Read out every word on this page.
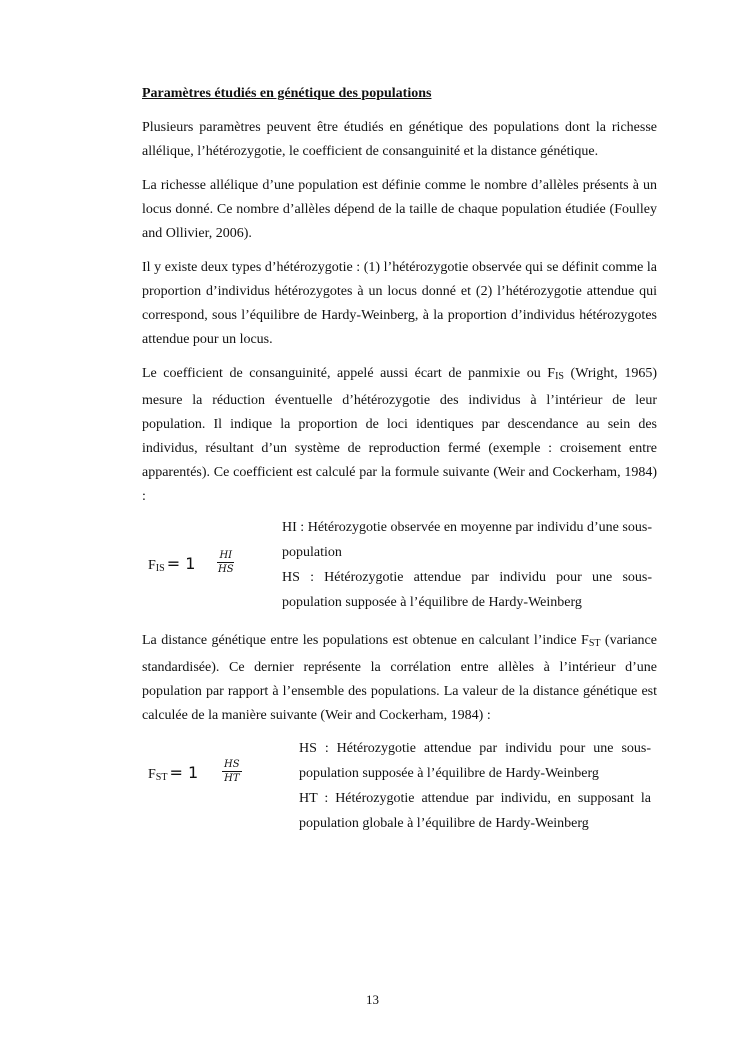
Paramètres étudiés en génétique des populations

Plusieurs paramètres peuvent être étudiés en génétique des populations dont la richesse allélique, l’hétérozygotie, le coefficient de consanguinité et la distance génétique.

La richesse allélique d’une population est définie comme le nombre d’allèles présents à un locus donné. Ce nombre d’allèles dépend de la taille de chaque population étudiée (Foulley and Ollivier, 2006).

Il y existe deux types d’hétérozygotie : (1) l’hétérozygotie observée qui se définit comme la proportion d’individus hétérozygotes à un locus donné et (2) l’hétérozygotie attendue qui correspond, sous l’équilibre de Hardy-Weinberg, à la proportion d’individus hétérozygotes attendue pour un locus.

Le coefficient de consanguinité, appelé aussi écart de panmixie ou $F_{IS}$ (Wright, 1965) mesure la réduction éventuelle d’hétérozygotie des individus à l’intérieur de leur population. Il indique la proportion de loci identiques par descendance au sein des individus, résultant d’un système de reproduction fermé (exemple : croisement entre apparentés). Ce coefficient est calculé par la formule suivante (Weir and Cockerham, 1984) :

$F_{IS} = 1 \frac{HI}{HS}$
HI : Hétérozygotie observée en moyenne par individu d’une sous-population
HS : Hétérozygotie attendue par individu pour une sous-population supposée à l’équilibre de Hardy-Weinberg

La distance génétique entre les populations est obtenue en calculant l’indice $F_{ST}$ (variance standardisée). Ce dernier représente la corrélation entre allèles à l’intérieur d’une population par rapport à l’ensemble des populations. La valeur de la distance génétique est calculée de la manière suivante (Weir and Cockerham, 1984) :

$F_{ST} = 1 \frac{HS}{HT}$
HS : Hétérozygotie attendue par individu pour une sous-population supposée à l’équilibre de Hardy-Weinberg
HT : Hétérozygotie attendue par individu, en supposant la population globale à l’équilibre de Hardy-Weinberg
13
